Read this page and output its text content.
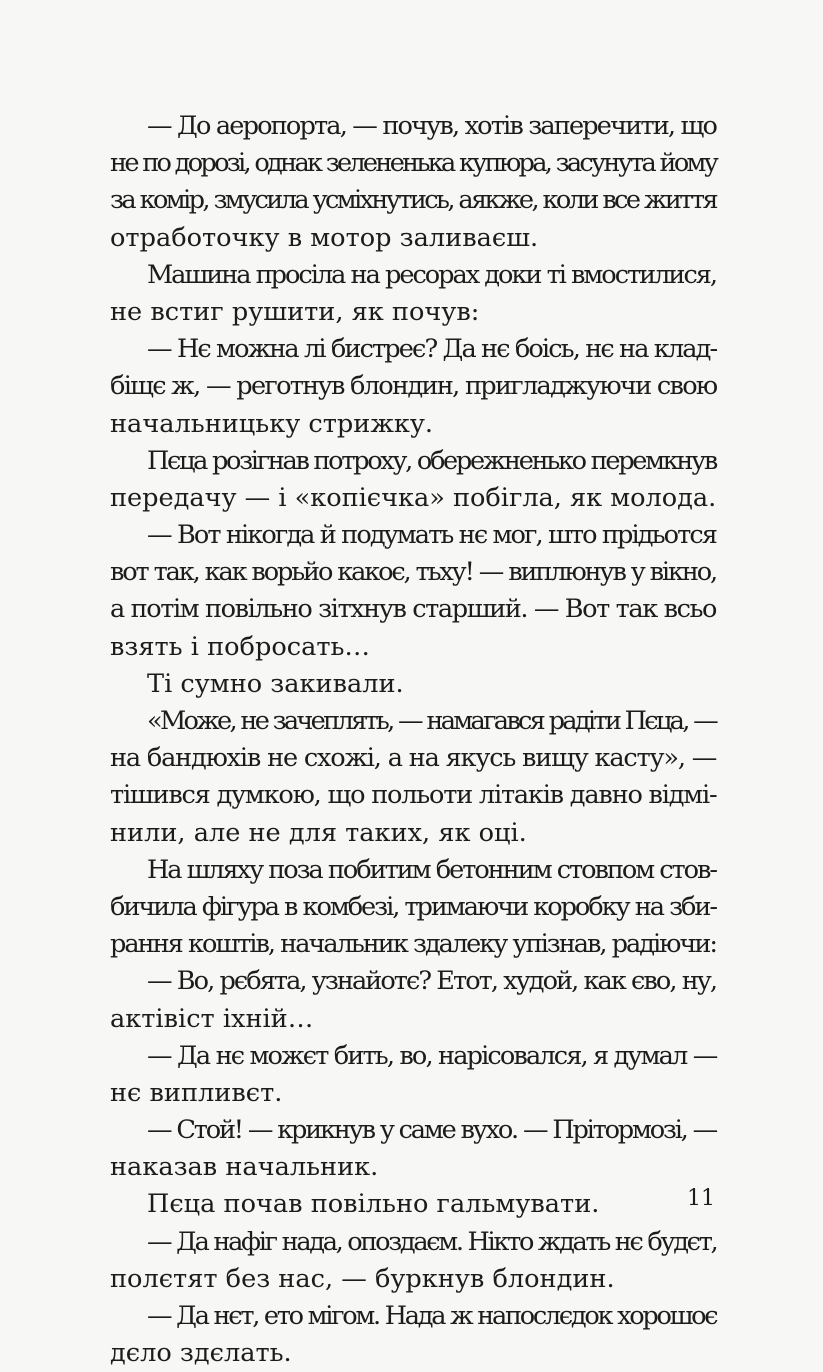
— До аеропорта, — почув, хотів заперечити, що
не по дорозі, однак зелененька купюра, засунута йому
за комір, змусила усміхнутись, аякже, коли все життя
отработочку в мотор заливаєш.
Машина просіла на ресорах доки ті вмостилися,
не встиг рушити, як почув:
— Нє можна лі бистреє? Да нє боісь, нє на клад-
біщє ж, — реготнув блондин, пригладжуючи свою
начальницьку стрижку.
Пєца розігнав потроху, обережненько перемкнув
передачу — і «копієчка» побігла, як молода.
— Вот нікогда й подумать нє мог, што прідьотся
вот так, как ворьйо какоє, тьху! — виплюнув у вікно,
а потім повільно зітхнув старший. — Вот так всьо
взять і побросать…
Ті сумно закивали.
«Може, не зачеплять, — намагався радіти Пєца, —
на бандюхів не схожі, а на якусь вищу касту», —
тішився думкою, що польоти літаків давно відмі-
нили, але не для таких, як оці.
На шляху поза побитим бетонним стовпом стов-
бичила фігура в комбезі, тримаючи коробку на зби-
рання коштів, начальник здалеку упізнав, радіючи:
— Во, рєбята, узнайотє? Етот, худой, как єво, ну,
актівіст іхній…
— Да нє можєт бить, во, нарісовался, я думал —
нє випливєт.
— Стой! — крикнув у саме вухо. — Прітормозі, —
наказав начальник.
Пєца почав повільно гальмувати.
— Да нафіг нада, опоздаєм. Нікто ждать нє будєт,
полєтят без нас, — буркнув блондин.
— Да нєт, ето мігом. Нада ж напослєдок хорошоє
дєло здєлать.
11
